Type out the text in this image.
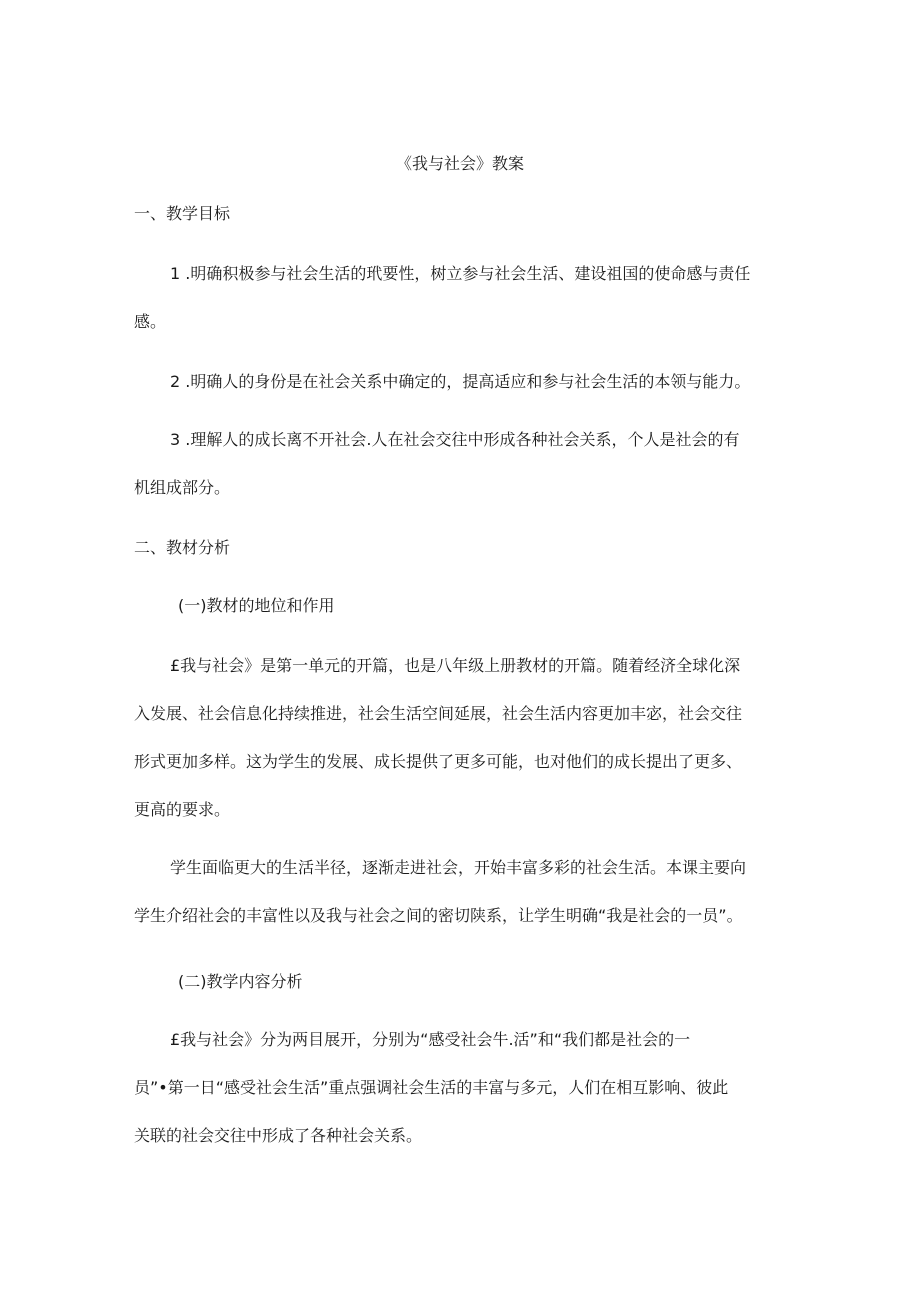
《我与社会》教案
一、教学目标
1 .明确积极参与社会生活的玳要性，树立参与社会生活、建设祖国的使命感与责任
感。
2 .明确人的身份是在社会关系中确定的，提高适应和参与社会生活的本领与能力。
3 .理解人的成长离不开社会.人在社会交往中形成各种社会关系，个人是社会的有
机组成部分。
二、教材分析
(一)教材的地位和作用
£我与社会》是第一单元的开篇，也是八年级上册教材的开篇。随着经济全球化深
入发展、社会信息化持续推进，社会生活空间延展，社会生活内容更加丰宓，社会交往
形式更加多样。这为学生的发展、成长提供了更多可能，也对他们的成长提出了更多、
更高的要求。
学生面临更大的生活半径，逐渐走进社会，开始丰富多彩的社会生活。本课主要向
学生介绍社会的丰富性以及我与社会之间的密切陕系，让学生明确“我是社会的一员”。
(二)教学内容分析
£我与社会》分为两目展开，分别为“感受社会牛.活”和“我们都是社会的一
员”•第一日“感受社会生活”重点强调社会生活的丰富与多元，人们在相互影响、彼此
关联的社会交往中形成了各种社会关系。
